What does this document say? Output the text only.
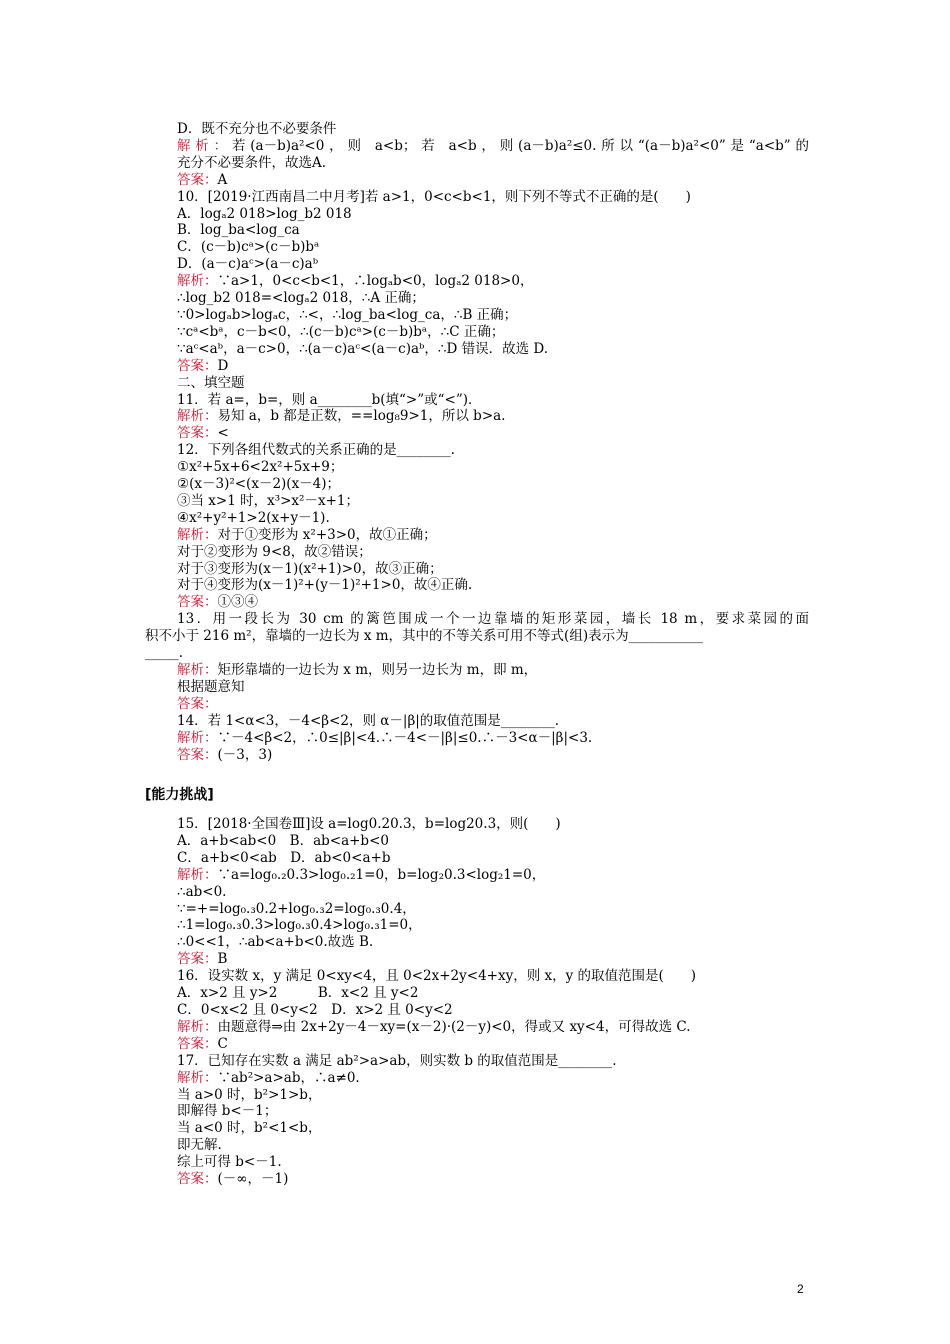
D．既不充分也不必要条件
解析：若(a－b)a²<0，则 a<b；若 a<b，则(a－b)a²≤0.所以“(a－b)a²<0”是“a<b”的
充分不必要条件，故选A.
答案：A
10．[2019·江西南昌二中月考]若 a>1，0<c<b<1，则下列不等式不正确的是(　　)
A．logₐ2 018>log_b2 018
B．log_ba<log_ca
C．(c－b)cᵃ>(c－b)bᵃ
D．(a－c)aᶜ>(a－c)aᵇ
解析：∵a>1，0<c<b<1，∴logₐb<0，logₐ2 018>0，
∴log_b2 018=<logₐ2 018，∴A 正确；
∵0>logₐb>logₐc，∴<，∴log_ba<log_ca，∴B 正确；
∵cᵃ<bᵃ，c－b<0，∴(c－b)cᵃ>(c－b)bᵃ，∴C 正确；
∵aᶜ<aᵇ，a－c>0，∴(a－c)aᶜ<(a－c)aᵇ，∴D 错误．故选 D.
答案：D
二、填空题
11．若 a=，b=，则 a________b(填“>”或“<”)．
解析：易知 a，b 都是正数，==log₈9>1，所以 b>a.
答案：<
12．下列各组代数式的关系正确的是________.
①x²+5x+6<2x²+5x+9；
②(x－3)²<(x－2)(x－4)；
③当 x>1 时，x³>x²－x+1；
④x²+y²+1>2(x+y－1).
解析：对于①变形为 x²+3>0，故①正确；
对于②变形为 9<8，故②错误；
对于③变形为(x－1)(x²+1)>0，故③正确；
对于④变形为(x－1)²+(y－1)²+1>0，故④正确.
答案：①③④
13．用一段长为 30 cm 的篱笆围成一个一边靠墙的矩形菜园，墙长 18 m，要求菜园的面
积不小于 216 m²，靠墙的一边长为 x m，其中的不等关系可用不等式(组)表示为___________
_____.
解析：矩形靠墙的一边长为 x m，则另一边长为 m，即 m，
根据题意知
答案：
14．若 1<α<3，－4<β<2，则 α－|β|的取值范围是________.
解析：∵－4<β<2，∴0≤|β|<4.∴－4<－|β|≤0.∴－3<α－|β|<3.
答案：(－3，3)
[能力挑战]
15．[2018·全国卷Ⅲ]设 a=log0.20.3，b=log20.3，则(　　)
A．a+b<ab<0　B．ab<a+b<0
C．a+b<0<ab　D．ab<0<a+b
解析：∵a=log₀.₂0.3>log₀.₂1=0，b=log₂0.3<log₂1=0，
∴ab<0.
∵=+=log₀.₃0.2+log₀.₃2=log₀.₃0.4，
∴1=log₀.₃0.3>log₀.₃0.4>log₀.₃1=0，
∴0<<1，∴ab<a+b<0.故选 B.
答案：B
16．设实数 x，y 满足 0<xy<4，且 0<2x+2y<4+xy，则 x，y 的取值范围是(　　)
A．x>2 且 y>2　　　B．x<2 且 y<2
C．0<x<2 且 0<y<2　D．x>2 且 0<y<2
解析：由题意得⇒由 2x+2y－4－xy=(x－2)·(2－y)<0，得或又 xy<4，可得故选 C.
答案：C
17．已知存在实数 a 满足 ab²>a>ab，则实数 b 的取值范围是________.
解析：∵ab²>a>ab，∴a≠0.
当 a>0 时，b²>1>b，
即解得 b<－1；
当 a<0 时，b²<1<b，
即无解.
综上可得 b<－1.
答案：(－∞，－1)
2
